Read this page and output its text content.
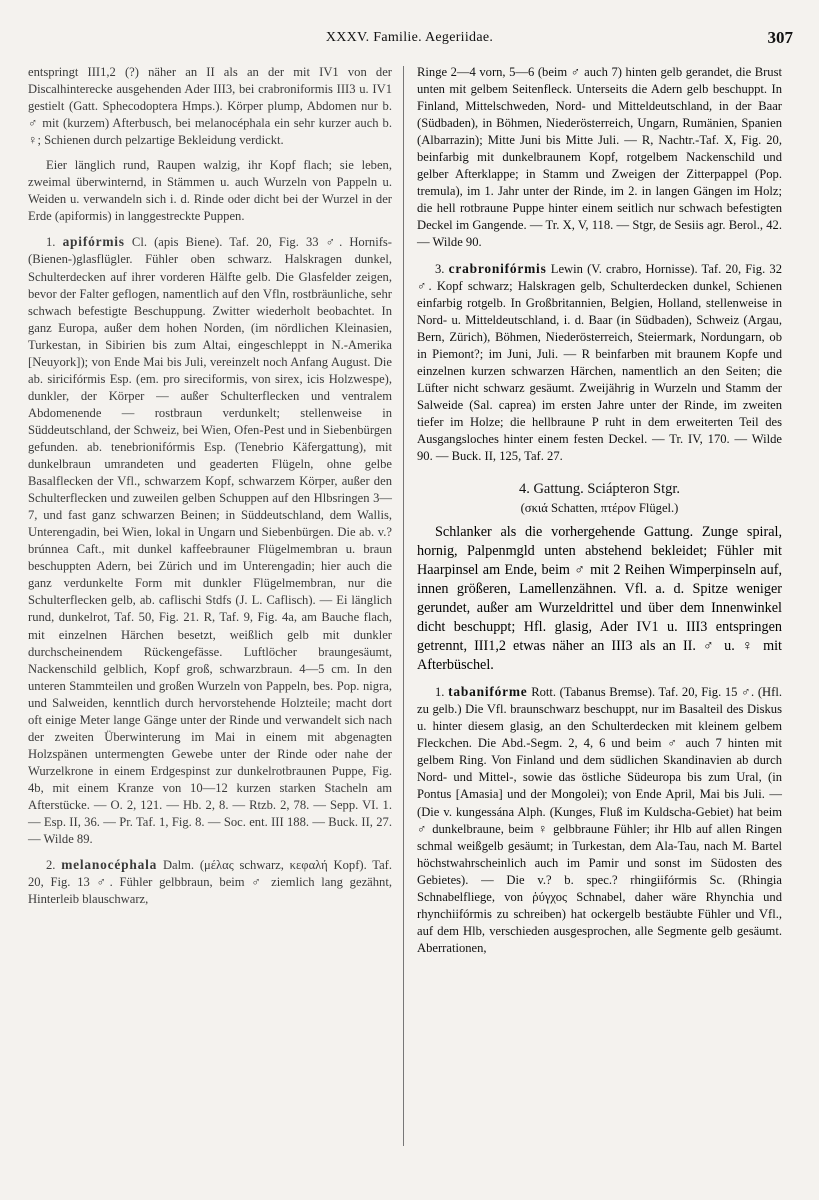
XXXV. Familie. Aegeriidae.	307

entspringt III1,2 (?) näher an II als an der mit IV1 von der Discalhinterecke ausgehenden Ader III3, bei crabroniformis III3 u. IV1 gestielt (Gatt. Sphecodoptera Hmps.). Körper plump, Abdomen nur b. ♂ mit (kurzem) Afterbusch, bei melanocéphala ein sehr kurzer auch b. ♀; Schienen durch pelzartige Bekleidung verdickt.

Eier länglich rund, Raupen walzig, ihr Kopf flach; sie leben, zweimal überwinternd, in Stämmen u. auch Wurzeln von Pappeln u. Weiden u. verwandeln sich i. d. Rinde oder dicht bei der Wurzel in der Erde (apiformis) in langgestreckte Puppen.

1. apifórmis Cl. (apis Biene). Taf. 20, Fig. 33 ♂. Hornifs-(Bienen-)glasflügler. Fühler oben schwarz. Halskragen dunkel, Schulterdecken auf ihrer vorderen Hälfte gelb. Die Glasfelder zeigen, bevor der Falter geflogen, namentlich auf den Vfln, rostbräunliche, sehr schwach befestigte Beschuppung. Zwitter wiederholt beobachtet. In ganz Europa, außer dem hohen Norden, (im nördlichen Kleinasien, Turkestan, in Sibirien bis zum Altai, eingeschleppt in N.-Amerika [Neuyork]); von Ende Mai bis Juli, vereinzelt noch Anfang August. Die ab. siricifórmis Esp. (em. pro sireciformis, von sirex, icis Holzwespe), dunkler, der Körper — außer Schulterflecken und ventralem Abdomenende — rostbraun verdunkelt; stellenweise in Süddeutschland, der Schweiz, bei Wien, Ofen-Pest und in Siebenbürgen gefunden. ab. tenebrionifórmis Esp. (Tenebrio Käfergattung), mit dunkelbraun umrandeten und geaderten Flügeln, ohne gelbe Basalflecken der Vfl., schwarzem Kopf, schwarzem Körper, außer den Schulterflecken und zuweilen gelben Schuppen auf den Hlbsringen 3—7, und fast ganz schwarzen Beinen; in Süddeutschland, dem Wallis, Unterengadin, bei Wien, lokal in Ungarn und Siebenbürgen. Die ab. v.? brúnnea Caft., mit dunkel kaffeebrauner Flügelmembran u. braun beschuppten Adern, bei Zürich und im Unterengadin; hier auch die ganz verdunkelte Form mit dunkler Flügelmembran, nur die Schulterflecken gelb, ab. caflischi Stdfs (J. L. Caflisch). — Ei länglich rund, dunkelrot, Taf. 50, Fig. 21. R, Taf. 9, Fig. 4a, am Bauche flach, mit einzelnen Härchen besetzt, weißlich gelb mit dunkler durchscheinendem Rückengefässe. Luftlöcher braungesäumt, Nackenschild gelblich, Kopf groß, schwarzbraun. 4—5 cm. In den unteren Stammteilen und großen Wurzeln von Pappeln, bes. Pop. nigra, und Salweiden, kenntlich durch hervorstehende Holzteile; macht dort oft einige Meter lange Gänge unter der Rinde und verwandelt sich nach der zweiten Überwinterung im Mai in einem mit abgenagten Holzspänen untermengten Gewebe unter der Rinde oder nahe der Wurzelkrone in einem Erdgespinst zur dunkelrotbraunen Puppe, Fig. 4b, mit einem Kranze von 10—12 kurzen starken Stacheln am Afterstücke. — O. 2, 121. — Hb. 2, 8. — Rtzb. 2, 78. — Sepp. VI. 1. — Esp. II, 36. — Pr. Taf. 1, Fig. 8. — Soc. ent. III 188. — Buck. II, 27. — Wilde 89.

2. melanocéphala Dalm. (μέλας schwarz, κεφαλή Kopf). Taf. 20, Fig. 13 ♂. Fühler gelbbraun, beim ♂ ziemlich lang gezähnt, Hinterleib blauschwarz,

Ringe 2—4 vorn, 5—6 (beim ♂ auch 7) hinten gelb gerandet, die Brust unten mit gelbem Seitenfleck. Unterseits die Adern gelb beschuppt. In Finland, Mittelschweden, Nord- und Mitteldeutschland, in der Baar (Südbaden), in Böhmen, Niederösterreich, Ungarn, Rumänien, Spanien (Albarrazin); Mitte Juni bis Mitte Juli. — R, Nachtr.-Taf. X, Fig. 20, beinfarbig mit dunkelbraunem Kopf, rotgelbem Nackenschild und gelber Afterklappe; in Stamm und Zweigen der Zitterpappel (Pop. tremula), im 1. Jahr unter der Rinde, im 2. in langen Gängen im Holz; die hell rotbraune Puppe hinter einem seitlich nur schwach befestigten Deckel im Gangende. — Tr. X, V, 118. — Stgr, de Sesiis agr. Berol., 42. — Wilde 90.

3. crabronifórmis Lewin (V. crabro, Hornisse). Taf. 20, Fig. 32 ♂. Kopf schwarz; Halskragen gelb, Schulterdecken dunkel, Schienen einfarbig rotgelb. In Großbritannien, Belgien, Holland, stellenweise in Nord- u. Mitteldeutschland, i. d. Baar (in Südbaden), Schweiz (Argau, Bern, Zürich), Böhmen, Niederösterreich, Steiermark, Nordungarn, ob in Piemont?; im Juni, Juli. — R beinfarben mit braunem Kopfe und einzelnen kurzen schwarzen Härchen, namentlich an den Seiten; die Lüfter nicht schwarz gesäumt. Zweijährig in Wurzeln und Stamm der Salweide (Sal. caprea) im ersten Jahre unter der Rinde, im zweiten tiefer im Holze; die hellbraune P ruht in dem erweiterten Teil des Ausgangsloches hinter einem festen Deckel. — Tr. IV, 170. — Wilde 90. — Buck. II, 125, Taf. 27.

4. Gattung. Sciápteron Stgr.
(σκιά Schatten, πτέρον Flügel.)

Schlanker als die vorhergehende Gattung. Zunge spiral, hornig, Palpenmgld unten abstehend bekleidet; Fühler mit Haarpinsel am Ende, beim ♂ mit 2 Reihen Wimperpinseln auf, innen größeren, Lamellenzähnen. Vfl. a. d. Spitze weniger gerundet, außer am Wurzeldrittel und über dem Innenwinkel dicht beschuppt; Hfl. glasig, Ader IV1 u. III3 entspringen getrennt, III1,2 etwas näher an III3 als an II. ♂ u. ♀ mit Afterbüschel.

1. tabanifórme Rott. (Tabanus Bremse). Taf. 20, Fig. 15 ♂. (Hfl. zu gelb.) Die Vfl. braunschwarz beschuppt, nur im Basalteil des Diskus u. hinter diesem glasig, an den Schulterdecken mit kleinem gelbem Fleckchen. Die Abd.-Segm. 2, 4, 6 und beim ♂ auch 7 hinten mit gelbem Ring. Von Finland und dem südlichen Skandinavien ab durch Nord- und Mittel-, sowie das östliche Südeuropa bis zum Ural, (in Pontus [Amasia] und der Mongolei); von Ende April, Mai bis Juli. — (Die v. kungessána Alph. (Kunges, Fluß im Kuldscha-Gebiet) hat beim ♂ dunkelbraune, beim ♀ gelbbraune Fühler; ihr Hlb auf allen Ringen schmal weißgelb gesäumt; in Turkestan, dem Ala-Tau, nach M. Bartel höchstwahrscheinlich auch im Pamir und sonst im Südosten des Gebietes). — Die v.? b. spec.? rhingiifórmis Sc. (Rhingia Schnabelfliege, von ῥύγχος Schnabel, daher wäre Rhynchia und rhynchiifórmis zu schreiben) hat ockergelb bestäubte Fühler und Vfl., auf dem Hlb, verschieden ausgesprochen, alle Segmente gelb gesäumt. Aberrationen,
